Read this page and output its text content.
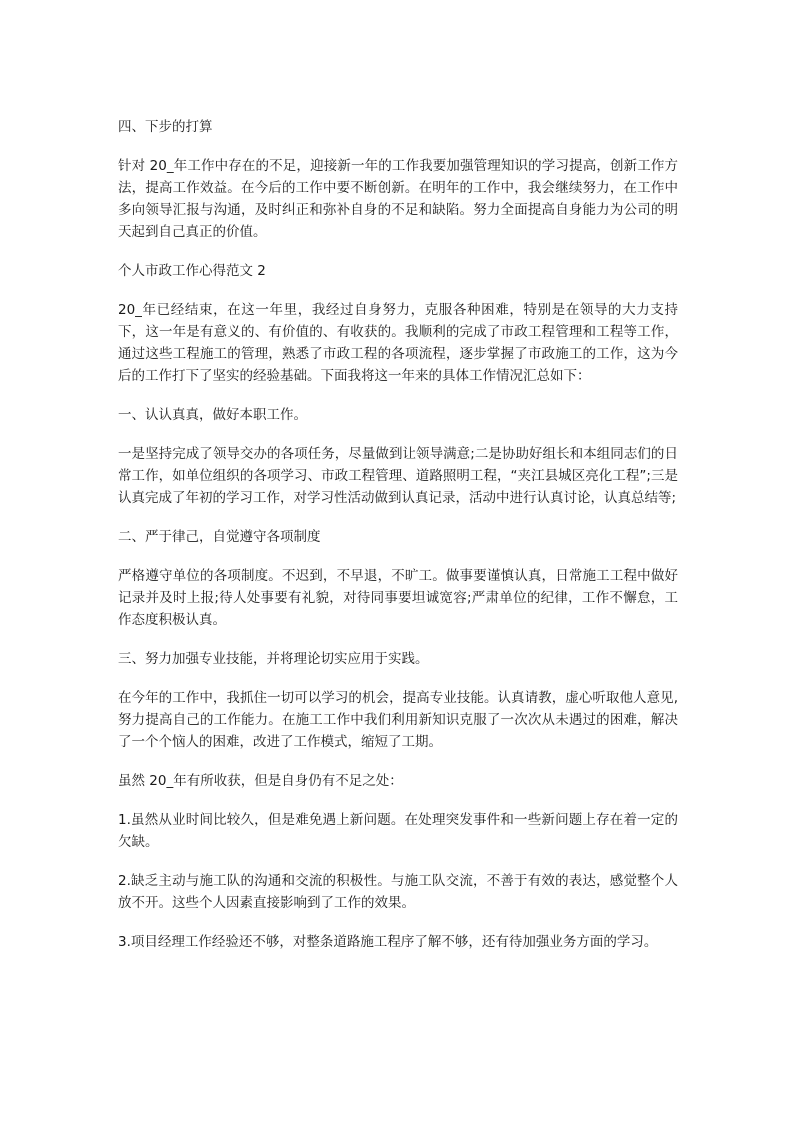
四、下步的打算

针对 20_年工作中存在的不足，迎接新一年的工作我要加强管理知识的学习提高，创新工作方法，提高工作效益。在今后的工作中要不断创新。在明年的工作中，我会继续努力，在工作中多向领导汇报与沟通，及时纠正和弥补自身的不足和缺陷。努力全面提高自身能力为公司的明天起到自己真正的价值。

个人市政工作心得范文 2

20_年已经结束，在这一年里，我经过自身努力，克服各种困难，特别是在领导的大力支持下，这一年是有意义的、有价值的、有收获的。我顺利的完成了市政工程管理和工程等工作，通过这些工程施工的管理，熟悉了市政工程的各项流程，逐步掌握了市政施工的工作，这为今后的工作打下了坚实的经验基础。下面我将这一年来的具体工作情况汇总如下：

一、认认真真，做好本职工作。

一是坚持完成了领导交办的各项任务，尽量做到让领导满意;二是协助好组长和本组同志们的日常工作，如单位组织的各项学习、市政工程管理、道路照明工程，“夹江县城区亮化工程”;三是认真完成了年初的学习工作，对学习性活动做到认真记录，活动中进行认真讨论，认真总结等;

二、严于律己，自觉遵守各项制度

严格遵守单位的各项制度。不迟到，不早退，不旷工。做事要谨慎认真，日常施工工程中做好记录并及时上报;待人处事要有礼貌，对待同事要坦诚宽容;严肃单位的纪律，工作不懈怠，工作态度积极认真。

三、努力加强专业技能，并将理论切实应用于实践。

在今年的工作中，我抓住一切可以学习的机会，提高专业技能。认真请教，虚心听取他人意见,努力提高自己的工作能力。在施工工作中我们利用新知识克服了一次次从未遇过的困难，解决了一个个恼人的困难，改进了工作模式，缩短了工期。

虽然 20_年有所收获，但是自身仍有不足之处：

1.虽然从业时间比较久，但是难免遇上新问题。在处理突发事件和一些新问题上存在着一定的欠缺。

2.缺乏主动与施工队的沟通和交流的积极性。与施工队交流，不善于有效的表达，感觉整个人放不开。这些个人因素直接影响到了工作的效果。

3.项目经理工作经验还不够，对整条道路施工程序了解不够，还有待加强业务方面的学习。
